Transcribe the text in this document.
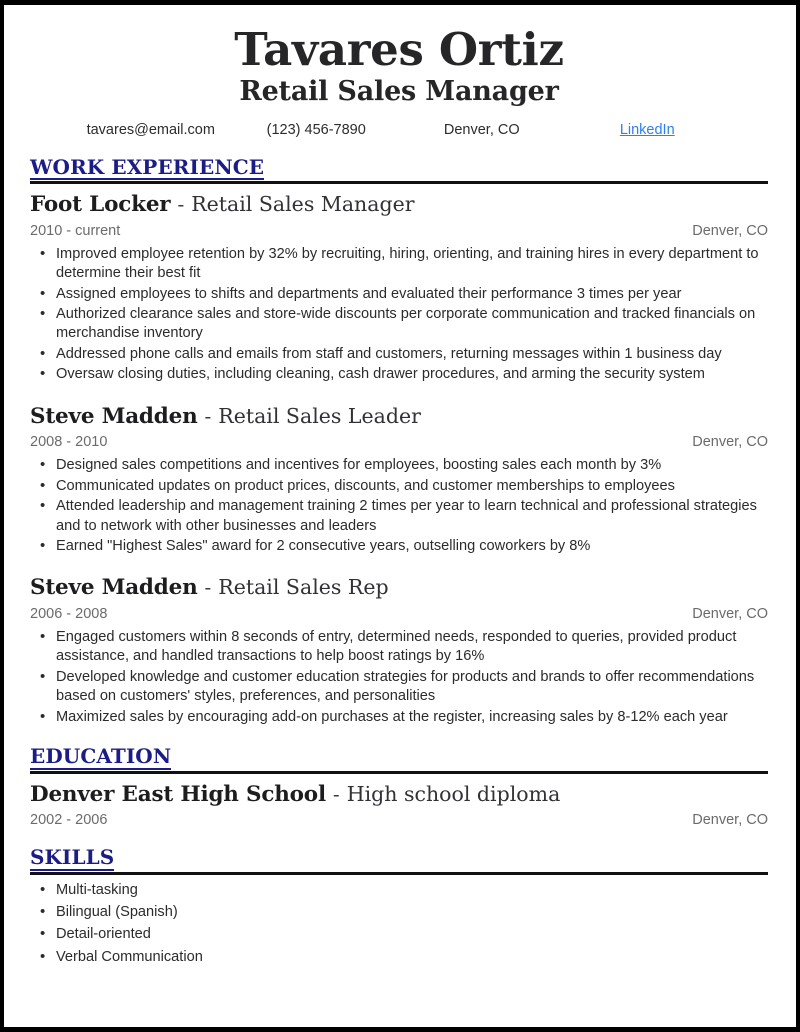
Tavares Ortiz
Retail Sales Manager
tavares@email.com	(123) 456-7890	Denver, CO	LinkedIn
WORK EXPERIENCE
Foot Locker - Retail Sales Manager
2010 - current	Denver, CO
• Improved employee retention by 32% by recruiting, hiring, orienting, and training hires in every department to determine their best fit
• Assigned employees to shifts and departments and evaluated their performance 3 times per year
• Authorized clearance sales and store-wide discounts per corporate communication and tracked financials on merchandise inventory
• Addressed phone calls and emails from staff and customers, returning messages within 1 business day
• Oversaw closing duties, including cleaning, cash drawer procedures, and arming the security system
Steve Madden - Retail Sales Leader
2008 - 2010	Denver, CO
• Designed sales competitions and incentives for employees, boosting sales each month by 3%
• Communicated updates on product prices, discounts, and customer memberships to employees
• Attended leadership and management training 2 times per year to learn technical and professional strategies and to network with other businesses and leaders
• Earned "Highest Sales" award for 2 consecutive years, outselling coworkers by 8%
Steve Madden - Retail Sales Rep
2006 - 2008	Denver, CO
• Engaged customers within 8 seconds of entry, determined needs, responded to queries, provided product assistance, and handled transactions to help boost ratings by 16%
• Developed knowledge and customer education strategies for products and brands to offer recommendations based on customers' styles, preferences, and personalities
• Maximized sales by encouraging add-on purchases at the register, increasing sales by 8-12% each year
EDUCATION
Denver East High School - High school diploma
2002 - 2006	Denver, CO
SKILLS
• Multi-tasking
• Bilingual (Spanish)
• Detail-oriented
• Verbal Communication
